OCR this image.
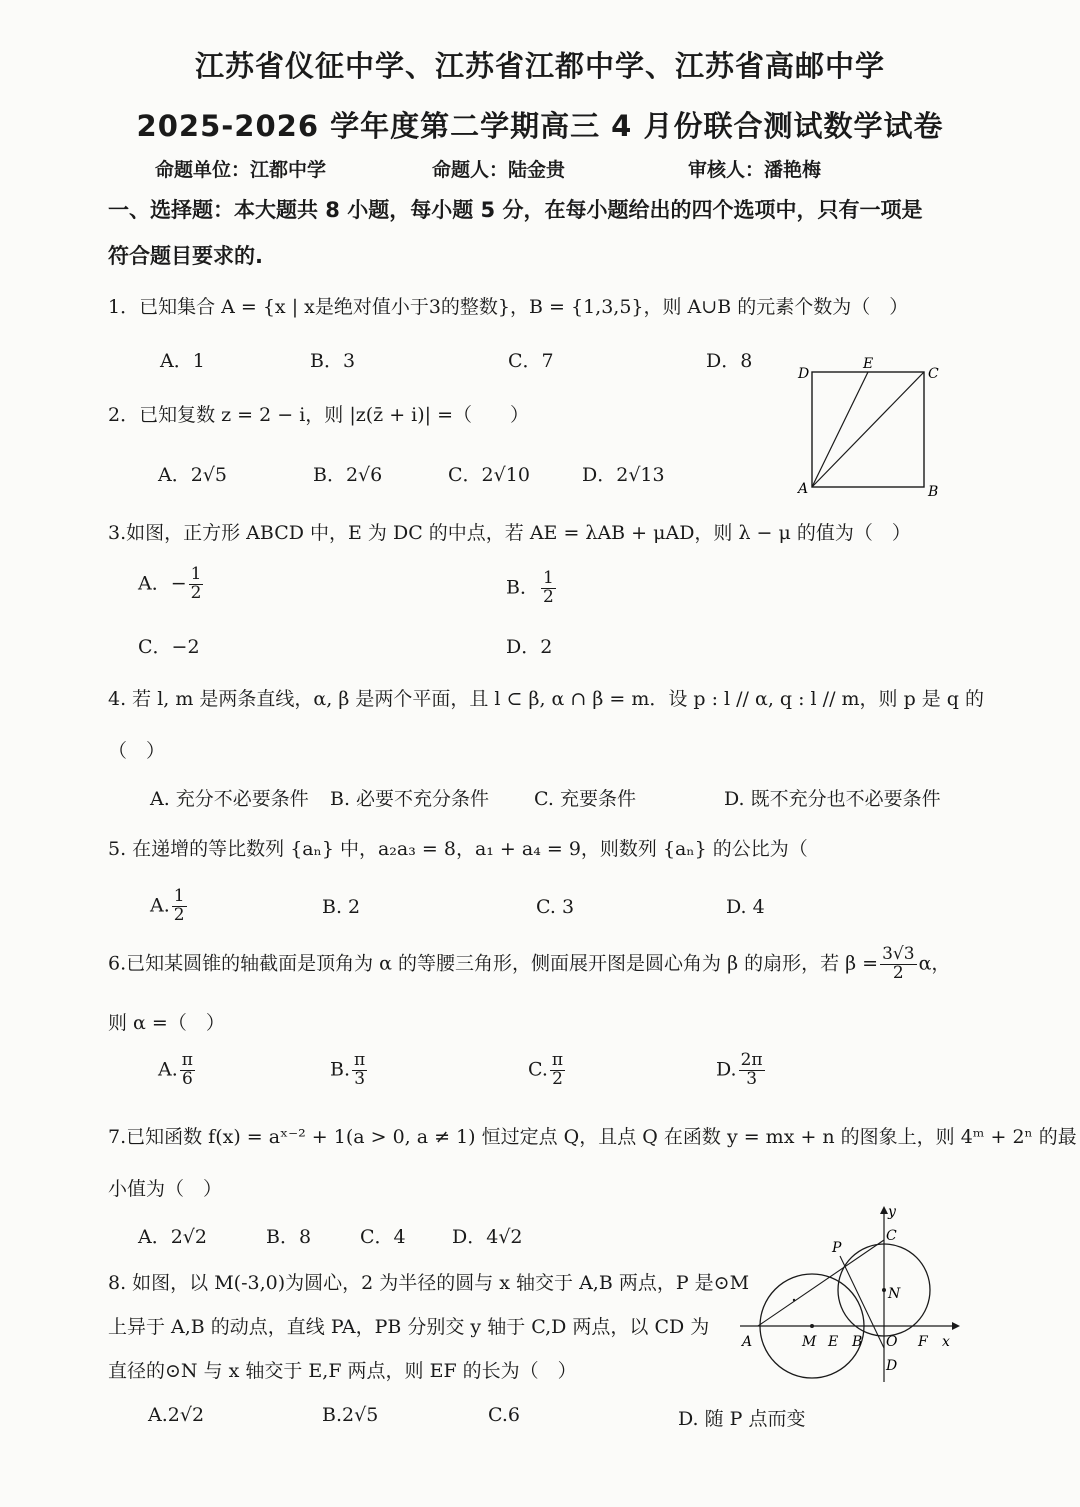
江苏省仪征中学、江苏省江都中学、江苏省高邮中学
2025-2026 学年度第二学期高三 4 月份联合测试数学试卷
命题单位：江都中学	命题人：陆金贵	审核人：潘艳梅
一、选择题：本大题共 8 小题，每小题 5 分，在每小题给出的四个选项中，只有一项是
符合题目要求的.
1．已知集合 A = {x | x是绝对值小于3的整数}，B = {1,3,5}，则 A∪B 的元素个数为（　）
A．1	B．3	C．7	D．8
D
E
C
A	B
2．已知复数 z = 2 − i，则 |z(z̄ + i)| =（　　）
A．2√5	B．2√6	C．2√10	D．2√13
3.如图，正方形 ABCD 中，E 为 DC 的中点，若 AE = λAB + μAD，则 λ − μ 的值为（　）
A．− $\frac{1}{2}$	B． $\frac{1}{2}$
C．−2	D．2
4. 若 l, m 是两条直线，α, β 是两个平面，且 l ⊂ β, α ∩ β = m．设 p : l // α, q : l // m，则 p 是 q 的
（　）
A. 充分不必要条件 B. 必要不充分条件 C. 充要条件	D. 既不充分也不必要条件
5. 在递增的等比数列 {aₙ} 中，a₂a₃ = 8，a₁ + a₄ = 9，则数列 {aₙ} 的公比为（
A. $\frac{1}{2}$	B. 2	C. 3	D. 4
6.已知某圆锥的轴截面是顶角为 α 的等腰三角形，侧面展开图是圆心角为 β 的扇形，若 $\beta = \frac{3√3}{2}$ α，
则 α =（　）
A. $\frac{\pi}{6}$	B. $\frac{\pi}{3}$	C. $\frac{\pi}{2}$	D. $\frac{2\pi}{3}$
7.已知函数 f(x) = aˣ⁻² + 1(a > 0, a ≠ 1) 恒过定点 Q，且点 Q 在函数 y = mx + n 的图象上，则 4ᵐ + 2ⁿ 的最
小值为（　）
A．2√2	B．8	C．4 D．4√2
y
x
C
P
N
A	M E B O F
D
8. 如图，以 M(-3,0)为圆心，2 为半径的圆与 x 轴交于 A,B 两点，P 是⊙M
上异于 A,B 的动点，直线 PA，PB 分别交 y 轴于 C,D 两点，以 CD 为
直径的⊙N 与 x 轴交于 E,F 两点，则 EF 的长为（　）
A.2√2	B.2√5	C.6	D. 随 P 点而变
